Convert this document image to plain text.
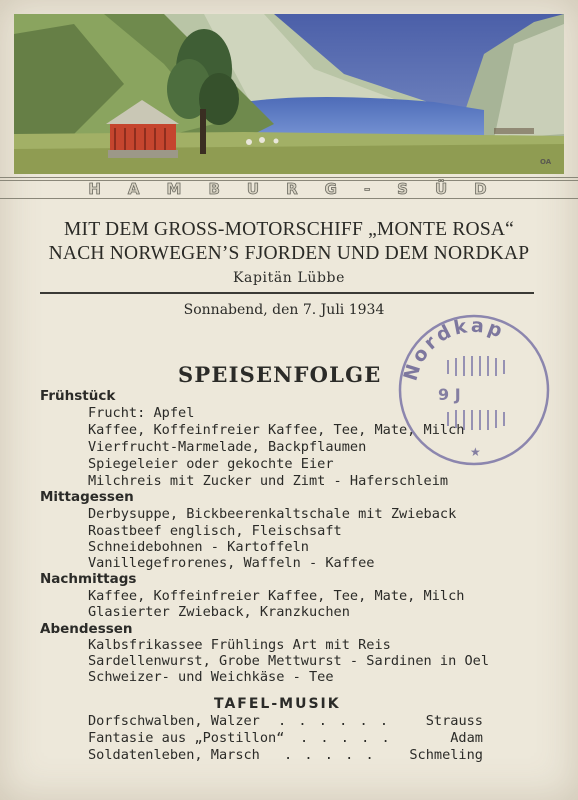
OA
HAMBURG-SÜD
MIT DEM GROSS-MOTORSCHIFF „MONTE ROSA“
NACH NORWEGEN’S FJORDEN UND DEM NORDKAP
Kapitän Lübbe
Sonnabend, den 7. Juli 1934
Nordkap
9 J
★
SPEISENFOLGE
Frühstück
Frucht: Apfel
Kaffee, Koffeinfreier Kaffee, Tee, Mate, Milch
Vierfrucht-Marmelade, Backpflaumen
Spiegeleier oder gekochte Eier
Milchreis mit Zucker und Zimt - Haferschleim
Mittagessen
Derbysuppe, Bickbeerenkaltschale mit Zwieback
Roastbeef englisch, Fleischsaft
Schneidebohnen - Kartoffeln
Vanillegefrorenes, Waffeln - Kaffee
Nachmittags
Kaffee, Koffeinfreier Kaffee, Tee, Mate, Milch
Glasierter Zwieback, Kranzkuchen
Abendessen
Kalbsfrikassee Frühlings Art mit Reis
Sardellenwurst, Grobe Mettwurst - Sardinen in Oel
Schweizer- und Weichkäse - Tee
TAFEL-MUSIK
Dorfschwalben, Walzer . . . . . .	Strauss
Fantasie aus „Postillon“ . . . . .	Adam
Soldatenleben, Marsch . . . . . Schmeling
